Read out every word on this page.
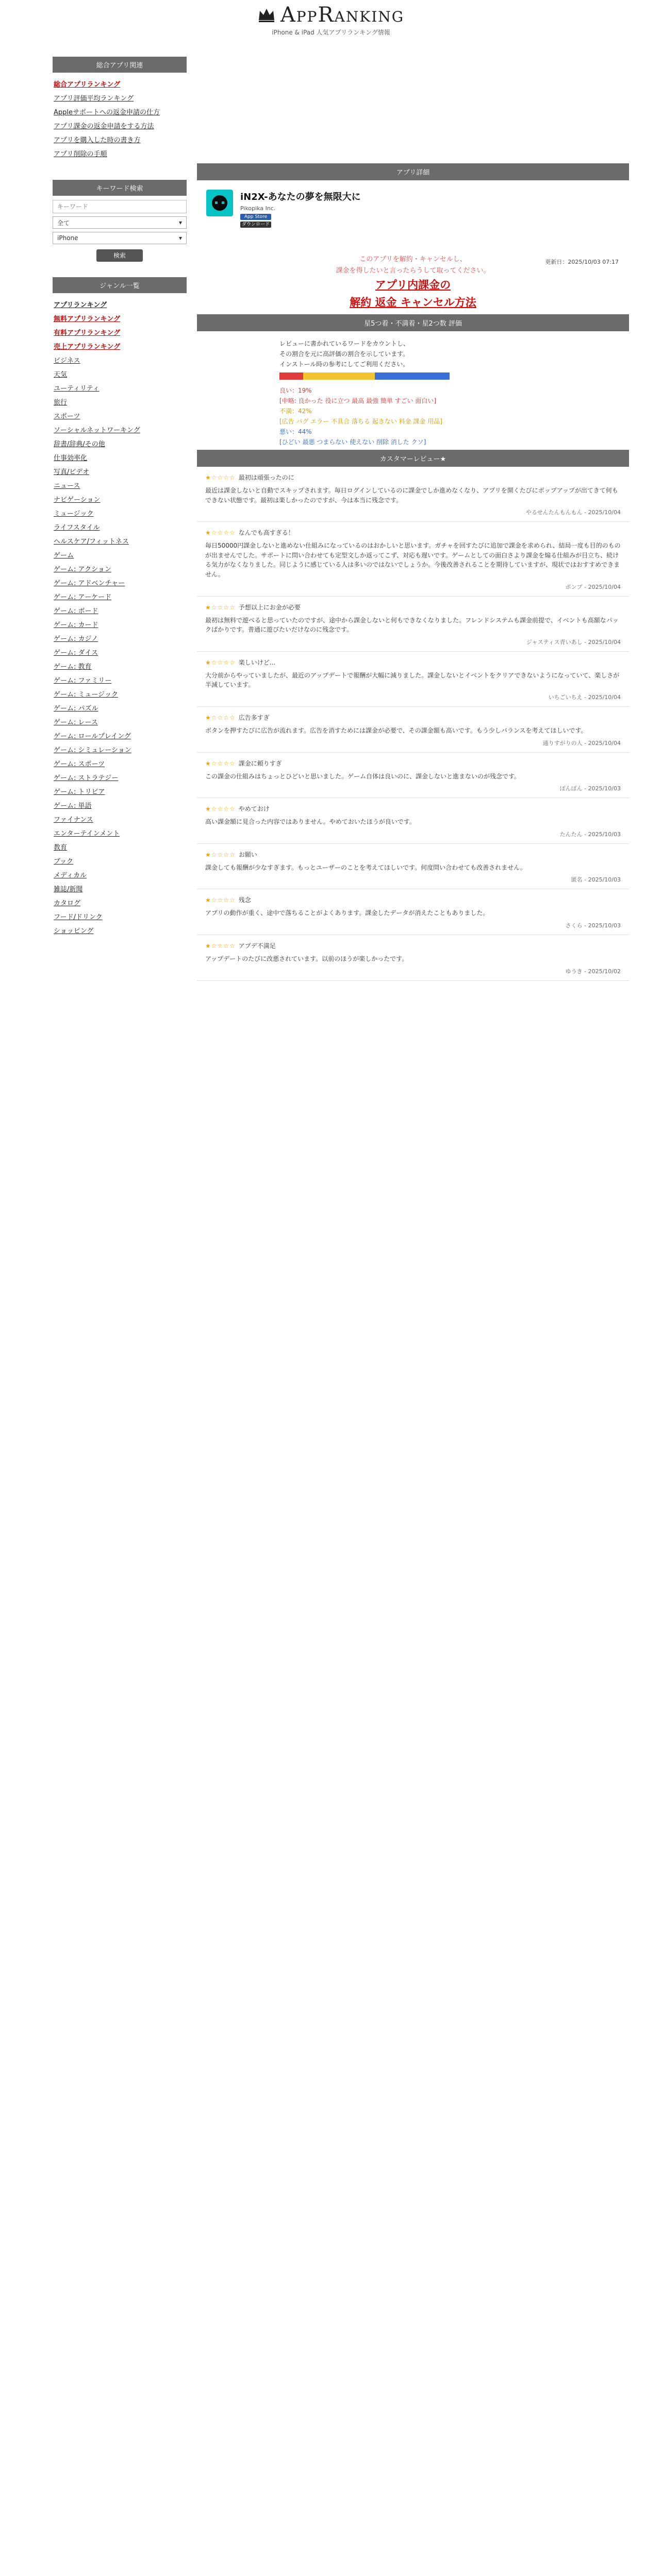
AppRanking
iPhone & iPad 人気アプリランキング情報
総合アプリ関連
総合アプリランキング
アプリ評価平均ランキング
Appleサポートへの返金申請の仕方
アプリ課金の返金申請をする方法
アプリを購入した時の書き方
アプリ削除の手順
キーワード検索
キーワード
全て	▾
iPhone	▾
検索
ジャンル一覧
アプリランキング
無料アプリランキング
有料アプリランキング
売上アプリランキング
ビジネス
天気
ユーティリティ
旅行
スポーツ
ソーシャルネットワーキング
辞書/辞典/その他
仕事効率化
写真/ビデオ
ニュース
ナビゲーション
ミュージック
ライフスタイル
ヘルスケア/フィットネス
ゲーム
ゲーム: アクション
ゲーム: アドベンチャー
ゲーム: アーケード
ゲーム: ボード
ゲーム: カード
ゲーム: カジノ
ゲーム: ダイス
ゲーム: 教育
ゲーム: ファミリー
ゲーム: ミュージック
ゲーム: パズル
ゲーム: レース
ゲーム: ロールプレイング
ゲーム: シミュレーション
ゲーム: スポーツ
ゲーム: ストラテジー
ゲーム: トリビア
ゲーム: 単語
ファイナンス
エンターテインメント
教育
ブック
メディカル
雑誌/新聞
カタログ
フード/ドリンク
ショッピング
アプリ詳細
iN2X-あなたの夢を無限大に
Pikopika Inc.
App Store
ダウンロード
更新日：2025/10/03 07:17
このアプリを解約・キャンセルし、
課金を得したいと言ったらうして取ってください。
アプリ内課金の
解約 返金 キャンセル方法
星5つ着・不満着・星2つ数 評価

レビューに書かれているワードをカウントし、

その割合を元に高評価の割合を示しています。

インストール時の参考にしてご利用ください。

良い：19%

[中略: 良かった 役に立つ 最高 最強 簡単 すごい 面白い]

不満：42%

[広告 バグ エラー 不具合 落ちる 起きない 料金 課金 用品]

悪い：44%

[ひどい 最悪 つまらない 使えない 削除 消した クソ]

カスタマーレビュー★
★☆☆☆☆ 最初は頑張ったのに
最近は課金しないと自動でスキップされます。毎日ログインしているのに課金でしか進めなくなり、アプリを開くたびにポップアップが出てきて何もできない状態です。最初は楽しかったのですが、今は本当に残念です。
やるせんたんもんもん - 2025/10/04
★☆☆☆☆ なんでも高すぎる！
毎日50000円課金しないと進めない仕組みになっているのはおかしいと思います。ガチャを回すたびに追加で課金を求められ、結局一度も目的のものが出ませんでした。サポートに問い合わせても定型文しか返ってこず、対応も遅いです。ゲームとしての面白さより課金を煽る仕組みが目立ち、続ける気力がなくなりました。同じように感じている人は多いのではないでしょうか。今後改善されることを期待していますが、現状ではおすすめできません。
ポンプ - 2025/10/04
★☆☆☆☆ 予想以上にお金が必要
最初は無料で遊べると思っていたのですが、途中から課金しないと何もできなくなりました。フレンドシステムも課金前提で、イベントも高額なパックばかりです。普通に遊びたいだけなのに残念です。
ジャスティス青いあし - 2025/10/04
★☆☆☆☆ 楽しいけど...
大分前からやっていましたが、最近のアップデートで報酬が大幅に減りました。課金しないとイベントをクリアできないようになっていて、楽しさが半減しています。
いちごいちえ - 2025/10/04
★☆☆☆☆ 広告多すぎ
ボタンを押すたびに広告が流れます。広告を消すためには課金が必要で、その課金額も高いです。もう少しバランスを考えてほしいです。
通りすがりの人 - 2025/10/04
★☆☆☆☆ 課金に頼りすぎ
この課金の仕組みはちょっとひどいと思いました。ゲーム自体は良いのに、課金しないと進まないのが残念です。
ぽんぽん - 2025/10/03
★☆☆☆☆ やめておけ
高い課金額に見合った内容ではありません。やめておいたほうが良いです。
たんたん - 2025/10/03
★☆☆☆☆ お願い
課金しても報酬が少なすぎます。もっとユーザーのことを考えてほしいです。何度問い合わせても改善されません。
匿名 - 2025/10/03
★☆☆☆☆ 残念
アプリの動作が重く、途中で落ちることがよくあります。課金したデータが消えたこともありました。
さくら - 2025/10/03
★☆☆☆☆ アプデ不満足
アップデートのたびに改悪されています。以前のほうが楽しかったです。
ゆうき - 2025/10/02
